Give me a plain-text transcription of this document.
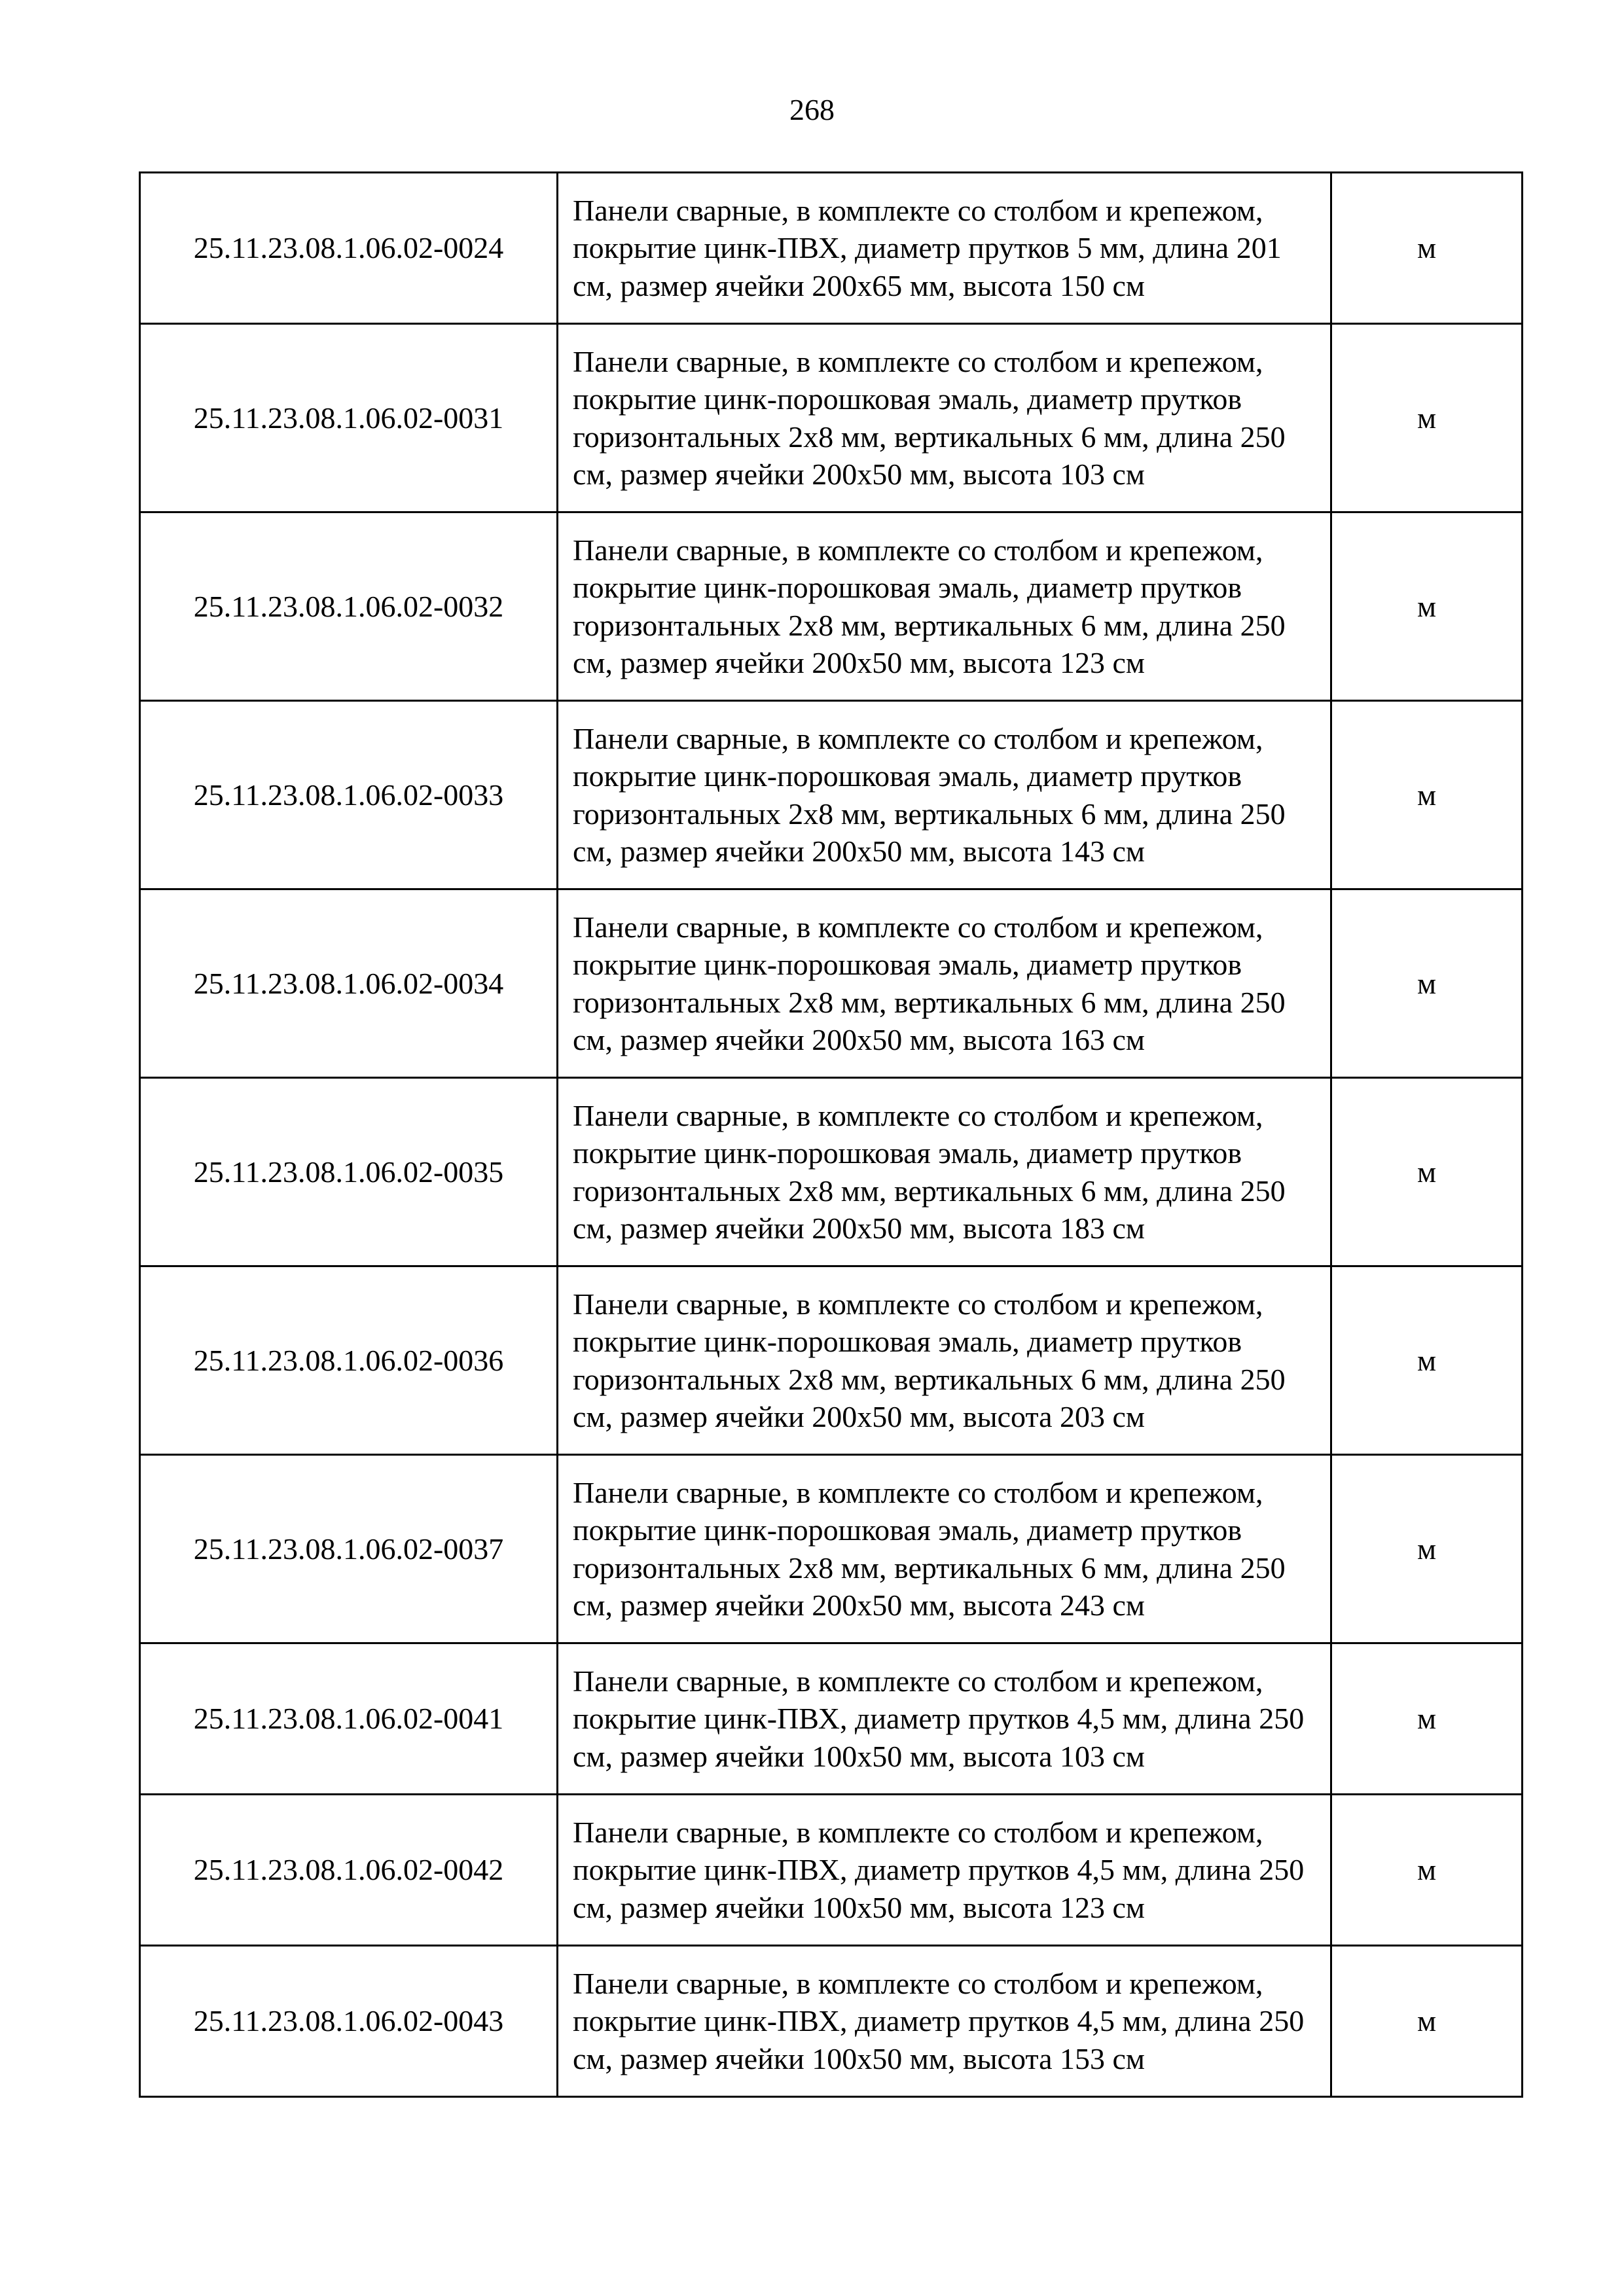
268
25.11.23.08.1.06.02-0024	Панели сварные, в комплекте со столбом и крепежом, покрытие цинк-ПВХ, диаметр прутков 5 мм, длина 201 см, размер ячейки 200х65 мм, высота 150 см	м
25.11.23.08.1.06.02-0031	Панели сварные, в комплекте со столбом и крепежом, покрытие цинк-порошковая эмаль, диаметр прутков горизонтальных 2х8 мм, вертикальных 6 мм, длина 250 см, размер ячейки 200х50 мм, высота 103 см	м
25.11.23.08.1.06.02-0032	Панели сварные, в комплекте со столбом и крепежом, покрытие цинк-порошковая эмаль, диаметр прутков горизонтальных 2х8 мм, вертикальных 6 мм, длина 250 см, размер ячейки 200х50 мм, высота 123 см	м
25.11.23.08.1.06.02-0033	Панели сварные, в комплекте со столбом и крепежом, покрытие цинк-порошковая эмаль, диаметр прутков горизонтальных 2х8 мм, вертикальных 6 мм, длина 250 см, размер ячейки 200х50 мм, высота 143 см	м
25.11.23.08.1.06.02-0034	Панели сварные, в комплекте со столбом и крепежом, покрытие цинк-порошковая эмаль, диаметр прутков горизонтальных 2х8 мм, вертикальных 6 мм, длина 250 см, размер ячейки 200х50 мм, высота 163 см	м
25.11.23.08.1.06.02-0035	Панели сварные, в комплекте со столбом и крепежом, покрытие цинк-порошковая эмаль, диаметр прутков горизонтальных 2х8 мм, вертикальных 6 мм, длина 250 см, размер ячейки 200х50 мм, высота 183 см	м
25.11.23.08.1.06.02-0036	Панели сварные, в комплекте со столбом и крепежом, покрытие цинк-порошковая эмаль, диаметр прутков горизонтальных 2х8 мм, вертикальных 6 мм, длина 250 см, размер ячейки 200х50 мм, высота 203 см	м
25.11.23.08.1.06.02-0037	Панели сварные, в комплекте со столбом и крепежом, покрытие цинк-порошковая эмаль, диаметр прутков горизонтальных 2х8 мм, вертикальных 6 мм, длина 250 см, размер ячейки 200х50 мм, высота 243 см	м
25.11.23.08.1.06.02-0041	Панели сварные, в комплекте со столбом и крепежом, покрытие цинк-ПВХ, диаметр прутков 4,5 мм, длина 250 см, размер ячейки 100х50 мм, высота 103 см	м
25.11.23.08.1.06.02-0042	Панели сварные, в комплекте со столбом и крепежом, покрытие цинк-ПВХ, диаметр прутков 4,5 мм, длина 250 см, размер ячейки 100х50 мм, высота 123 см	м
25.11.23.08.1.06.02-0043	Панели сварные, в комплекте со столбом и крепежом, покрытие цинк-ПВХ, диаметр прутков 4,5 мм, длина 250 см, размер ячейки 100х50 мм, высота 153 см	м
